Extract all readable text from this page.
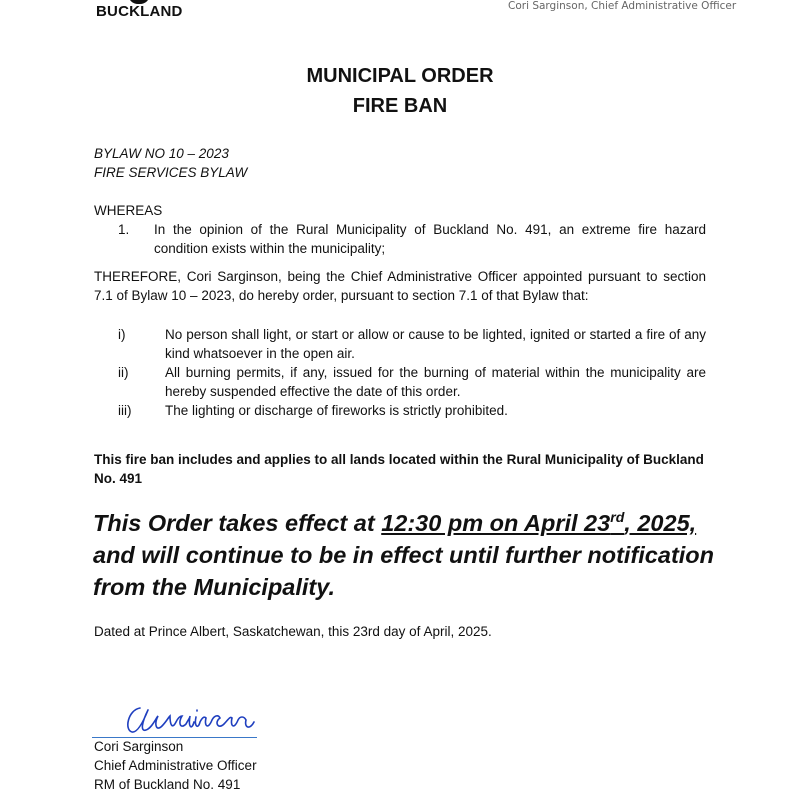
BUCKLAND	Cori Sarginson, Chief Administrative Officer
MUNICIPAL ORDER
FIRE BAN
BYLAW NO 10 – 2023
FIRE SERVICES BYLAW
WHEREAS
1. In the opinion of the Rural Municipality of Buckland No. 491, an extreme fire hazard condition exists within the municipality;
THEREFORE, Cori Sarginson, being the Chief Administrative Officer appointed pursuant to section 7.1 of Bylaw 10 – 2023, do hereby order, pursuant to section 7.1 of that Bylaw that:
i)	No person shall light, or start or allow or cause to be lighted, ignited or started a fire of any kind whatsoever in the open air.
ii)	All burning permits, if any, issued for the burning of material within the municipality are hereby suspended effective the date of this order.
iii) The lighting or discharge of fireworks is strictly prohibited.
This fire ban includes and applies to all lands located within the Rural Municipality of Buckland No. 491
This Order takes effect at 12:30 pm on April 23rd, 2025, and will continue to be in effect until further notification from the Municipality.
Dated at Prince Albert, Saskatchewan, this 23rd day of April, 2025.
Cori Sarginson
Chief Administrative Officer
RM of Buckland No. 491
